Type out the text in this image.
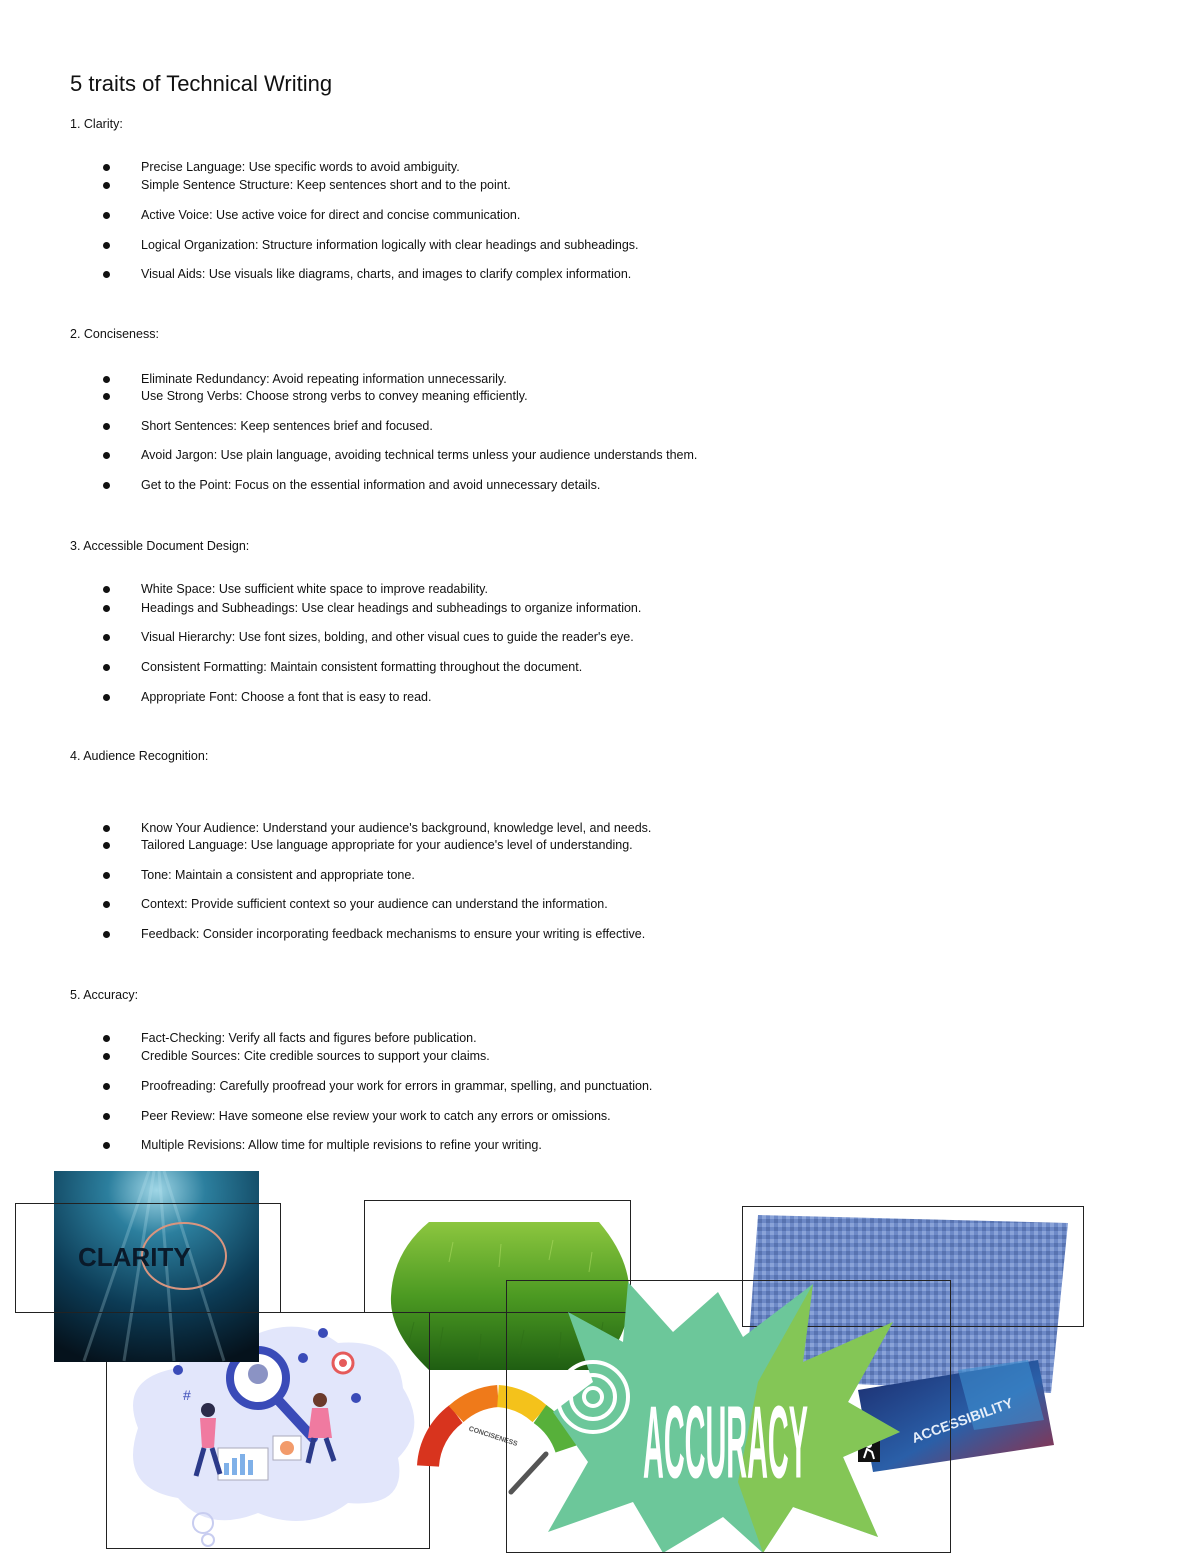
5 traits of Technical Writing
1. Clarity:
Precise Language: Use specific words to avoid ambiguity.
Simple Sentence Structure: Keep sentences short and to the point.
Active Voice: Use active voice for direct and concise communication.
Logical Organization: Structure information logically with clear headings and subheadings.
Visual Aids: Use visuals like diagrams, charts, and images to clarify complex information.
2. Conciseness:
Eliminate Redundancy: Avoid repeating information unnecessarily.
Use Strong Verbs: Choose strong verbs to convey meaning efficiently.
Short Sentences: Keep sentences brief and focused.
Avoid Jargon: Use plain language, avoiding technical terms unless your audience understands them.
Get to the Point: Focus on the essential information and avoid unnecessary details.
3. Accessible Document Design:
White Space: Use sufficient white space to improve readability.
Headings and Subheadings: Use clear headings and subheadings to organize information.
Visual Hierarchy: Use font sizes, bolding, and other visual cues to guide the reader's eye.
Consistent Formatting: Maintain consistent formatting throughout the document.
Appropriate Font: Choose a font that is easy to read.
4. Audience Recognition:
Know Your Audience: Understand your audience's background, knowledge level, and needs.
Tailored Language: Use language appropriate for your audience's level of understanding.
Tone: Maintain a consistent and appropriate tone.
Context: Provide sufficient context so your audience can understand the information.
Feedback: Consider incorporating feedback mechanisms to ensure your writing is effective.
5. Accuracy:
Fact-Checking: Verify all facts and figures before publication.
Credible Sources: Cite credible sources to support your claims.
Proofreading: Carefully proofread your work for errors in grammar, spelling, and punctuation.
Peer Review: Have someone else review your work to catch any errors or omissions.
Multiple Revisions: Allow time for multiple revisions to refine your writing.
ACCESSIBILITY
#
CLARITY
CONCISENESS ACCURACY
